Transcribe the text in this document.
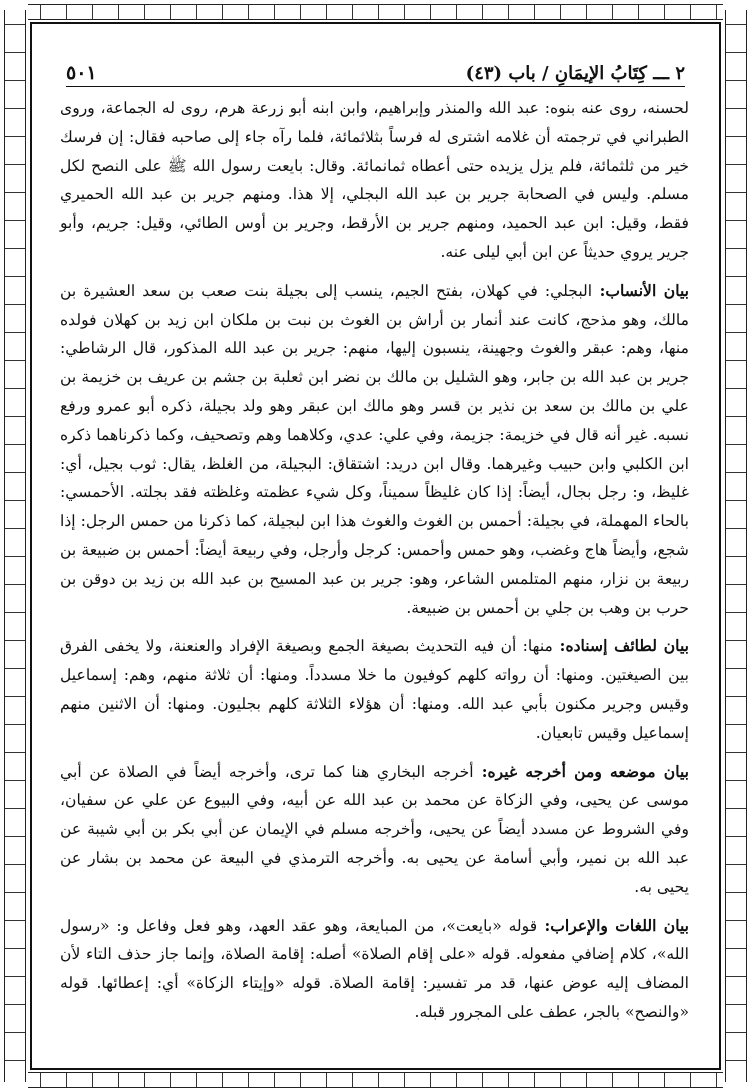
٥٠١	٢ ـــ كِتَابُ الإيمَانِ / باب (٤٣)

لحسنه، روى عنه بنوه: عبد الله والمنذر وإبراهيم، وابن ابنه أبو زرعة هرم، روى له الجماعة، وروى الطبراني في ترجمته أن غلامه اشترى له فرساً بثلاثمائة، فلما رآه جاء إلى صاحبه فقال: إن فرسك خير من ثلثمائة، فلم يزل يزيده حتى أعطاه ثمانمائة. وقال: بايعت رسول الله ﷺ على النصح لكل مسلم. وليس في الصحابة جرير بن عبد الله البجلي، إلا هذا. ومنهم جرير بن عبد الله الحميري فقط، وقيل: ابن عبد الحميد، ومنهم جرير بن الأرقط، وجرير بن أوس الطائي، وقيل: جريم، وأبو جرير يروي حديثاً عن ابن أبي ليلى عنه.

بيان الأنساب: البجلي: في كهلان، بفتح الجيم، ينسب إلى بجيلة بنت صعب بن سعد العشيرة بن مالك، وهو مذحج، كانت عند أنمار بن أراش بن الغوث بن نبت بن ملكان ابن زيد بن كهلان فولده منها، وهم: عبقر والغوث وجهينة، ينسبون إليها، منهم: جرير بن عبد الله المذكور، قال الرشاطي: جرير بن عبد الله بن جابر، وهو الشليل بن مالك بن نضر ابن ثعلبة بن جشم بن عريف بن خزيمة بن علي بن مالك بن سعد بن نذير بن قسر وهو مالك ابن عبقر وهو ولد بجيلة، ذكره أبو عمرو ورفع نسبه. غير أنه قال في خزيمة: جزيمة، وفي علي: عدي، وكلاهما وهم وتصحيف، وكما ذكرناهما ذكره ابن الكلبي وابن حبيب وغيرهما. وقال ابن دريد: اشتقاق: البجيلة، من الغلظ، يقال: ثوب بجيل، أي: غليظ، و: رجل بجال، أيضاً: إذا كان غليظاً سميناً، وكل شيء عظمته وغلظته فقد بجلته. الأحمسي: بالحاء المهملة، في بجيلة: أحمس بن الغوث والغوث هذا ابن لبجيلة، كما ذكرنا من حمس الرجل: إذا شجع، وأيضاً هاج وغضب، وهو حمس وأحمس: كرجل وأرجل، وفي ربيعة أيضاً: أحمس بن ضبيعة بن ربيعة بن نزار، منهم المتلمس الشاعر، وهو: جرير بن عبد المسيح بن عبد الله بن زيد بن دوقن بن حرب بن وهب بن جلي بن أحمس بن ضبيعة.

بيان لطائف إسناده: منها: أن فيه التحديث بصيغة الجمع وبصيغة الإفراد والعنعنة، ولا يخفى الفرق بين الصيغتين. ومنها: أن رواته كلهم كوفيون ما خلا مسدداً. ومنها: أن ثلاثة منهم، وهم: إسماعيل وقيس وجرير مكنون بأبي عبد الله. ومنها: أن هؤلاء الثلاثة كلهم بجليون. ومنها: أن الاثنين منهم إسماعيل وقيس تابعيان.

بيان موضعه ومن أخرجه غيره: أخرجه البخاري هنا كما ترى، وأخرجه أيضاً في الصلاة عن أبي موسى عن يحيى، وفي الزكاة عن محمد بن عبد الله عن أبيه، وفي البيوع عن علي عن سفيان، وفي الشروط عن مسدد أيضاً عن يحيى، وأخرجه مسلم في الإيمان عن أبي بكر بن أبي شيبة عن عبد الله بن نمير، وأبي أسامة عن يحيى به. وأخرجه الترمذي في البيعة عن محمد بن بشار عن يحيى به.

بيان اللغات والإعراب: قوله «بايعت»، من المبايعة، وهو عقد العهد، وهو فعل وفاعل و: «رسول الله»، كلام إضافي مفعوله. قوله «على إقام الصلاة» أصله: إقامة الصلاة، وإنما جاز حذف التاء لأن المضاف إليه عوض عنها، قد مر تفسير: إقامة الصلاة. قوله «وإيتاء الزكاة» أي: إعطائها. قوله «والنصح» بالجر، عطف على المجرور قبله.
